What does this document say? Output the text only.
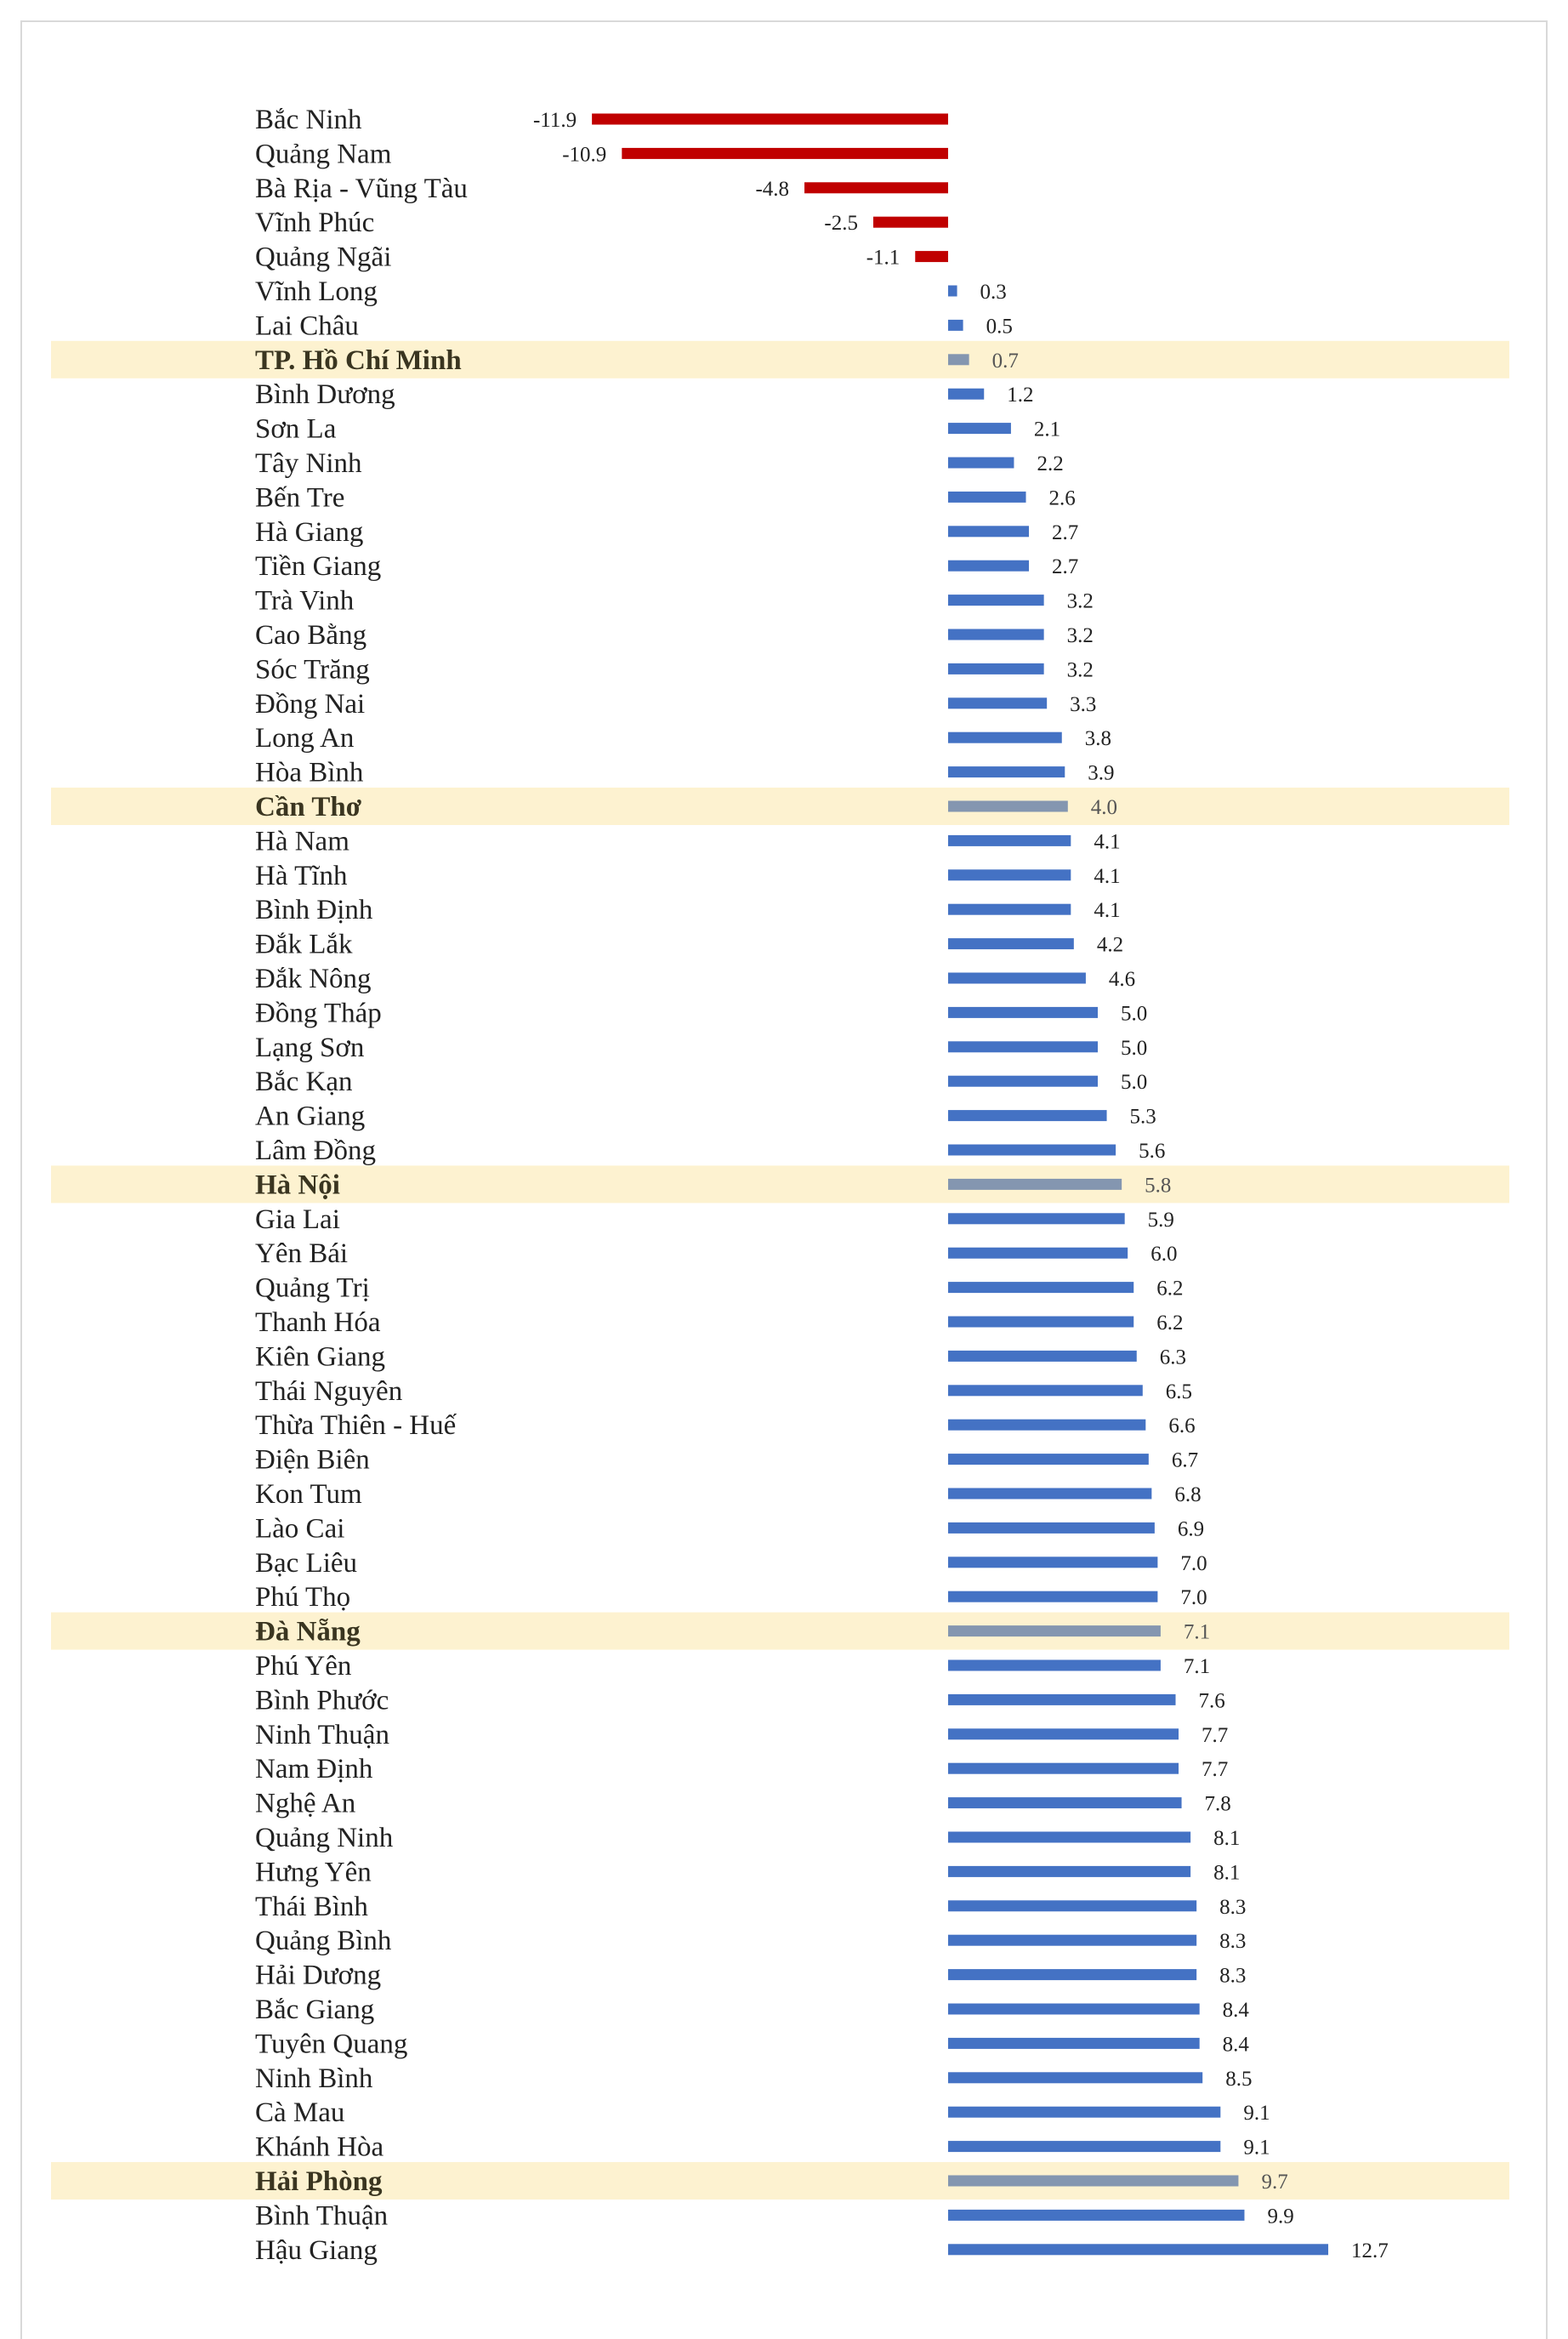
Bắc Ninh
Quảng Nam
Bà Rịa - Vũng Tàu
Vĩnh Phúc
Quảng Ngãi
Vĩnh Long
Lai Châu
TP. Hồ Chí Minh
Bình Dương
Sơn La
Tây Ninh
Bến Tre
Hà Giang
Tiền Giang
Trà Vinh
Cao Bằng
Sóc Trăng
Đồng Nai
Long An
Hòa Bình
Cần Thơ
Hà Nam
Hà Tĩnh
Bình Định
Đắk Lắk
Đắk Nông
Đồng Tháp
Lạng Sơn
Bắc Kạn
An Giang
Lâm Đồng
Hà Nội
Gia Lai
Yên Bái
Quảng Trị
Thanh Hóa
Kiên Giang
Thái Nguyên
Thừa Thiên - Huế
Điện Biên
Kon Tum
Lào Cai
Bạc Liêu
Phú Thọ
Đà Nẵng
Phú Yên
Bình Phước
Ninh Thuận
Nam Định
Nghệ An
Quảng Ninh
Hưng Yên
Thái Bình
Quảng Bình
Hải Dương
Bắc Giang
Tuyên Quang
Ninh Bình
Cà Mau
Khánh Hòa
Hải Phòng
Bình Thuận
Hậu Giang
-11.9
-10.9
-4.8
-2.5
-1.1
0.3
0.5
0.7
1.2
2.1
2.2
2.6
2.7
2.7
3.2
3.2
3.2
3.3
3.8
3.9
4.0
4.1
4.1
4.1
4.2
4.6
5.0
5.0
5.0
5.3
5.6
5.8
5.9
6.0
6.2
6.2
6.3
6.5
6.6
6.7
6.8
6.9
7.0
7.0
7.1
7.1
7.6
7.7
7.7
7.8
8.1
8.1
8.3
8.3
8.3
8.4
8.4
8.5
9.1
9.1
9.7
9.9
12.7
